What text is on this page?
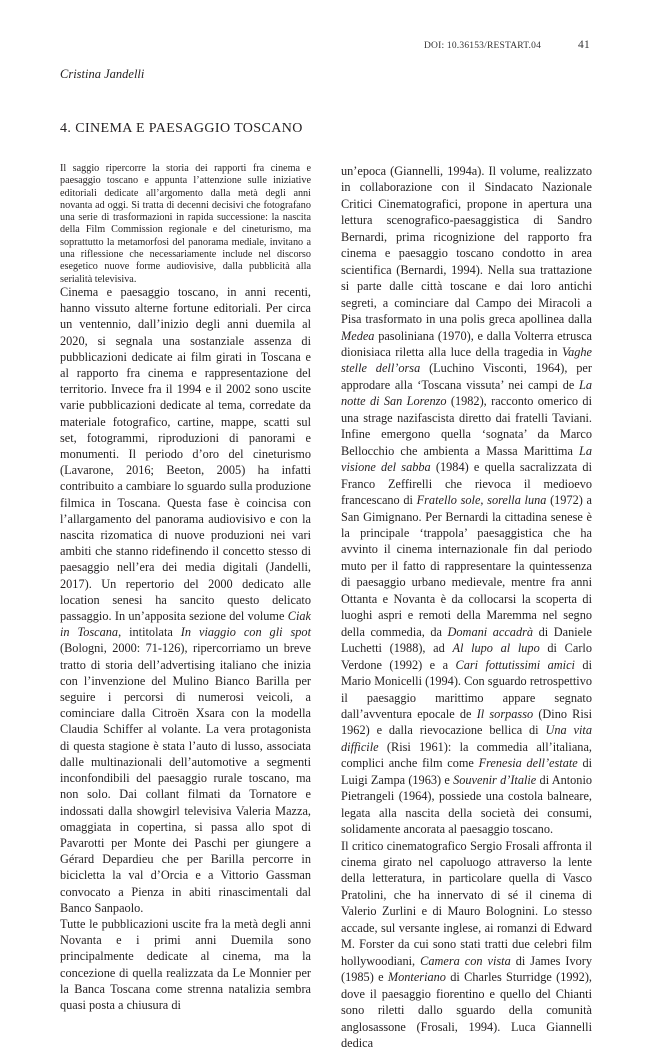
DOI: 10.36153/RESTART.04	41
Cristina Jandelli
4. CINEMA E PAESAGGIO TOSCANO

Il saggio ripercorre la storia dei rapporti fra cinema e paesaggio toscano e appunta l’attenzione sulle iniziative editoriali dedicate all’argomento dalla metà degli anni novanta ad oggi. Si tratta di decenni decisivi che fotografano una serie di trasformazioni in rapida successione: la nascita della Film Commission regionale e del cineturismo, ma soprattutto la metamorfosi del panorama mediale, invitano a una riflessione che necessariamente include nel discorso esegetico nuove forme audiovisive, dalla pubblicità alla serialità televisiva.

Cinema e paesaggio toscano, in anni recenti, hanno vissuto alterne fortune editoriali. Per circa un ventennio, dall’inizio degli anni duemila al 2020, si segnala una sostanziale assenza di pubblicazioni dedicate ai film girati in Toscana e al rapporto fra cinema e rappresentazione del territorio. Invece fra il 1994 e il 2002 sono uscite varie pubblicazioni dedicate al tema, corredate da materiale fotografico, cartine, mappe, scatti sul set, fotogrammi, riproduzioni di panorami e monumenti. Il periodo d’oro del cineturismo (Lavarone, 2016; Beeton, 2005) ha infatti contribuito a cambiare lo sguardo sulla produzione filmica in Toscana. Questa fase è coincisa con l’allargamento del panorama audiovisivo e con la nascita rizomatica di nuove produzioni nei vari ambiti che stanno ridefinendo il concetto stesso di paesaggio nell’era dei media digitali (Jandelli, 2017). Un repertorio del 2000 dedicato alle location senesi ha sancito questo delicato passaggio. In un’apposita sezione del volume Ciak in Toscana, intitolata In viaggio con gli spot (Bologni, 2000: 71-126), ripercorriamo un breve tratto di storia dell’advertising italiano che inizia con l’invenzione del Mulino Bianco Barilla per seguire i percorsi di numerosi veicoli, a cominciare dalla Citroën Xsara con la modella Claudia Schiffer al volante. La vera protagonista di questa stagione è stata l’auto di lusso, associata dalle multinazionali dell’automotive a segmenti inconfondibili del paesaggio rurale toscano, ma non solo. Dai collant filmati da Tornatore e indossati dalla showgirl televisiva Valeria Mazza, omaggiata in copertina, si passa allo spot di Pavarotti per Monte dei Paschi per giungere a Gérard Depardieu che per Barilla percorre in bicicletta la val d’Orcia e a Vittorio Gassman convocato a Pienza in abiti rinascimentali dal Banco Sanpaolo.

Tutte le pubblicazioni uscite fra la metà degli anni Novanta e i primi anni Duemila sono principalmente dedicate al cinema, ma la concezione di quella realizzata da Le Monnier per la Banca Toscana come strenna natalizia sembra quasi posta a chiusura di

un’epoca (Giannelli, 1994a). Il volume, realizzato in collaborazione con il Sindacato Nazionale Critici Cinematografici, propone in apertura una lettura scenografico-paesaggistica di Sandro Bernardi, prima ricognizione del rapporto fra cinema e paesaggio toscano condotto in area scientifica (Bernardi, 1994). Nella sua trattazione si parte dalle città toscane e dai loro antichi segreti, a cominciare dal Campo dei Miracoli a Pisa trasformato in una polis greca apollinea dalla Medea pasoliniana (1970), e dalla Volterra etrusca dionisiaca riletta alla luce della tragedia in Vaghe stelle dell’orsa (Luchino Visconti, 1964), per approdare alla ‘Toscana vissuta’ nei campi de La notte di San Lorenzo (1982), racconto omerico di una strage nazifascista diretto dai fratelli Taviani. Infine emergono quella ‘sognata’ da Marco Bellocchio che ambienta a Massa Marittima La visione del sabba (1984) e quella sacralizzata di Franco Zeffirelli che rievoca il medioevo francescano di Fratello sole, sorella luna (1972) a San Gimignano. Per Bernardi la cittadina senese è la principale ‘trappola’ paesaggistica che ha avvinto il cinema internazionale fin dal periodo muto per il fatto di rappresentare la quintessenza di paesaggio urbano medievale, mentre fra anni Ottanta e Novanta è da collocarsi la scoperta di luoghi aspri e remoti della Maremma nel segno della commedia, da Domani accadrà di Daniele Luchetti (1988), ad Al lupo al lupo di Carlo Verdone (1992) e a Cari fottutissimi amici di Mario Monicelli (1994). Con sguardo retrospettivo il paesaggio marittimo appare segnato dall’avventura epocale de Il sorpasso (Dino Risi 1962) e dalla rievocazione bellica di Una vita difficile (Risi 1961): la commedia all’italiana, complici anche film come Frenesia dell’estate di Luigi Zampa (1963) e Souvenir d’Italie di Antonio Pietrangeli (1964), possiede una costola balneare, legata alla nascita della società dei consumi, solidamente ancorata al paesaggio toscano.

Il critico cinematografico Sergio Frosali affronta il cinema girato nel capoluogo attraverso la lente della letteratura, in particolare quella di Vasco Pratolini, che ha innervato di sé il cinema di Valerio Zurlini e di Mauro Bolognini. Lo stesso accade, sul versante inglese, ai romanzi di Edward M. Forster da cui sono stati tratti due celebri film hollywoodiani, Camera con vista di James Ivory (1985) e Monteriano di Charles Sturridge (1992), dove il paesaggio fiorentino e quello del Chianti sono riletti dallo sguardo della comunità anglosassone (Frosali, 1994). Luca Giannelli dedica
